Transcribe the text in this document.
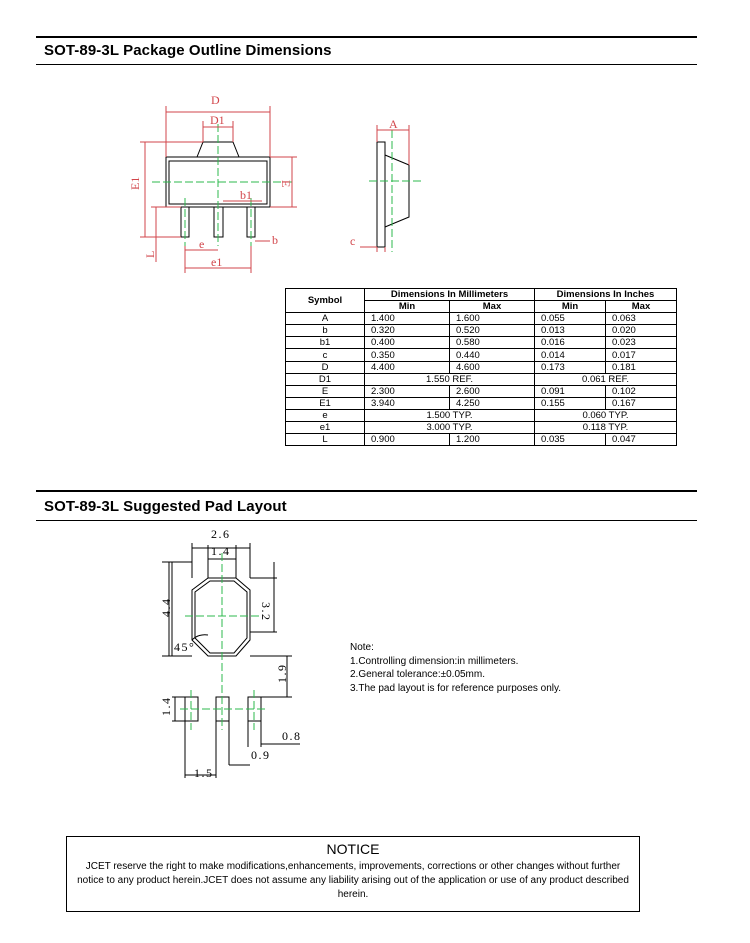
SOT-89-3L Package Outline Dimensions
D
D1
E1	E
b1
b
e
e1
L
A
c
Symbol	Dimensions In Millimeters		Dimensions In Inches	
	Min	Max	Min	Max
A	1.400	1.600	0.055	0.063
b	0.320	0.520	0.013	0.020
b1	0.400	0.580	0.016	0.023
c	0.350	0.440	0.014	0.017
D	4.400	4.600	0.173	0.181
D1	1.550 REF.		0.061 REF.	
E	2.300	2.600	0.091	0.102
E1	3.940	4.250	0.155	0.167
e	1.500 TYP.		0.060 TYP.	
e1	3.000 TYP.		0.118 TYP.	
L	0.900	1.200	0.035	0.047
SOT-89-3L Suggested Pad Layout
2.6
1.4
4.4	3.2
45°
1.9
1.4
0.8
0.9
1.5
Note:
1.Controlling dimension:in millimeters.
2.General tolerance:±0.05mm.
3.The pad layout is for reference purposes only.
NOTICE

JCET reserve the right to make modifications,enhancements, improvements, corrections or other changes without further notice to any product herein.JCET does not assume any liability arising out of the application or use of any product described herein.
